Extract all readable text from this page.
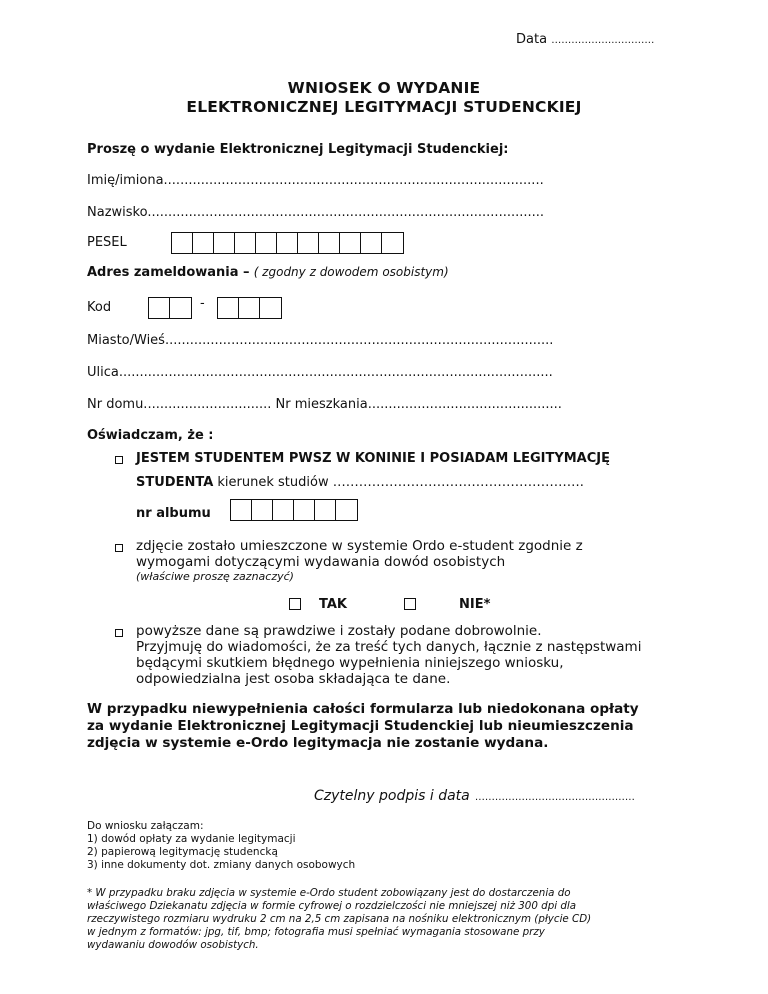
Data ……………….…………
WNIOSEK O WYDANIE
ELEKTRONICZNEJ LEGITYMACJI STUDENCKIEJ
Proszę o wydanie Elektronicznej Legitymacji Studenckiej:
Imię/imiona............................................................................................
Nazwisko................................................................................................
PESEL
Adres zameldowania – ( zgodny z dowodem osobistym)
Kod	-
Miasto/Wieś..............................................................................................
Ulica.........................................................................................................
Nr domu............................... Nr mieszkania...............................................
Oświadczam, że :
JESTEM STUDENTEM PWSZ W KONINIE I POSIADAM LEGITYMACJĘ
STUDENTA kierunek studiów ………………………………………………….
nr albumu
zdjęcie zostało umieszczone w systemie Ordo e-student zgodnie z
wymogami dotyczącymi wydawania dowód osobistych
(właściwe proszę zaznaczyć)
TAK	NIE*
powyższe dane są prawdziwe i zostały podane dobrowolnie.
Przyjmuję do wiadomości, że za treść tych danych, łącznie z następstwami
będącymi skutkiem błędnego wypełnienia niniejszego wniosku,
odpowiedzialna jest osoba składająca te dane.
W przypadku niewypełnienia całości formularza lub niedokonana opłaty
za wydanie Elektronicznej Legitymacji Studenckiej lub nieumieszczenia
zdjęcia w systemie e-Ordo legitymacja nie zostanie wydana.
Czytelny podpis i data …………………………………………
Do wniosku załączam:
1) dowód opłaty za wydanie legitymacji
2) papierową legitymację studencką
3) inne dokumenty dot. zmiany danych osobowych
* W przypadku braku zdjęcia w systemie e-Ordo student zobowiązany jest do dostarczenia do
właściwego Dziekanatu zdjęcia w formie cyfrowej o rozdzielczości nie mniejszej niż 300 dpi dla
rzeczywistego rozmiaru wydruku 2 cm na 2,5 cm zapisana na nośniku elektronicznym (płycie CD)
w jednym z formatów: jpg, tif, bmp; fotografia musi spełniać wymagania stosowane przy
wydawaniu dowodów osobistych.
